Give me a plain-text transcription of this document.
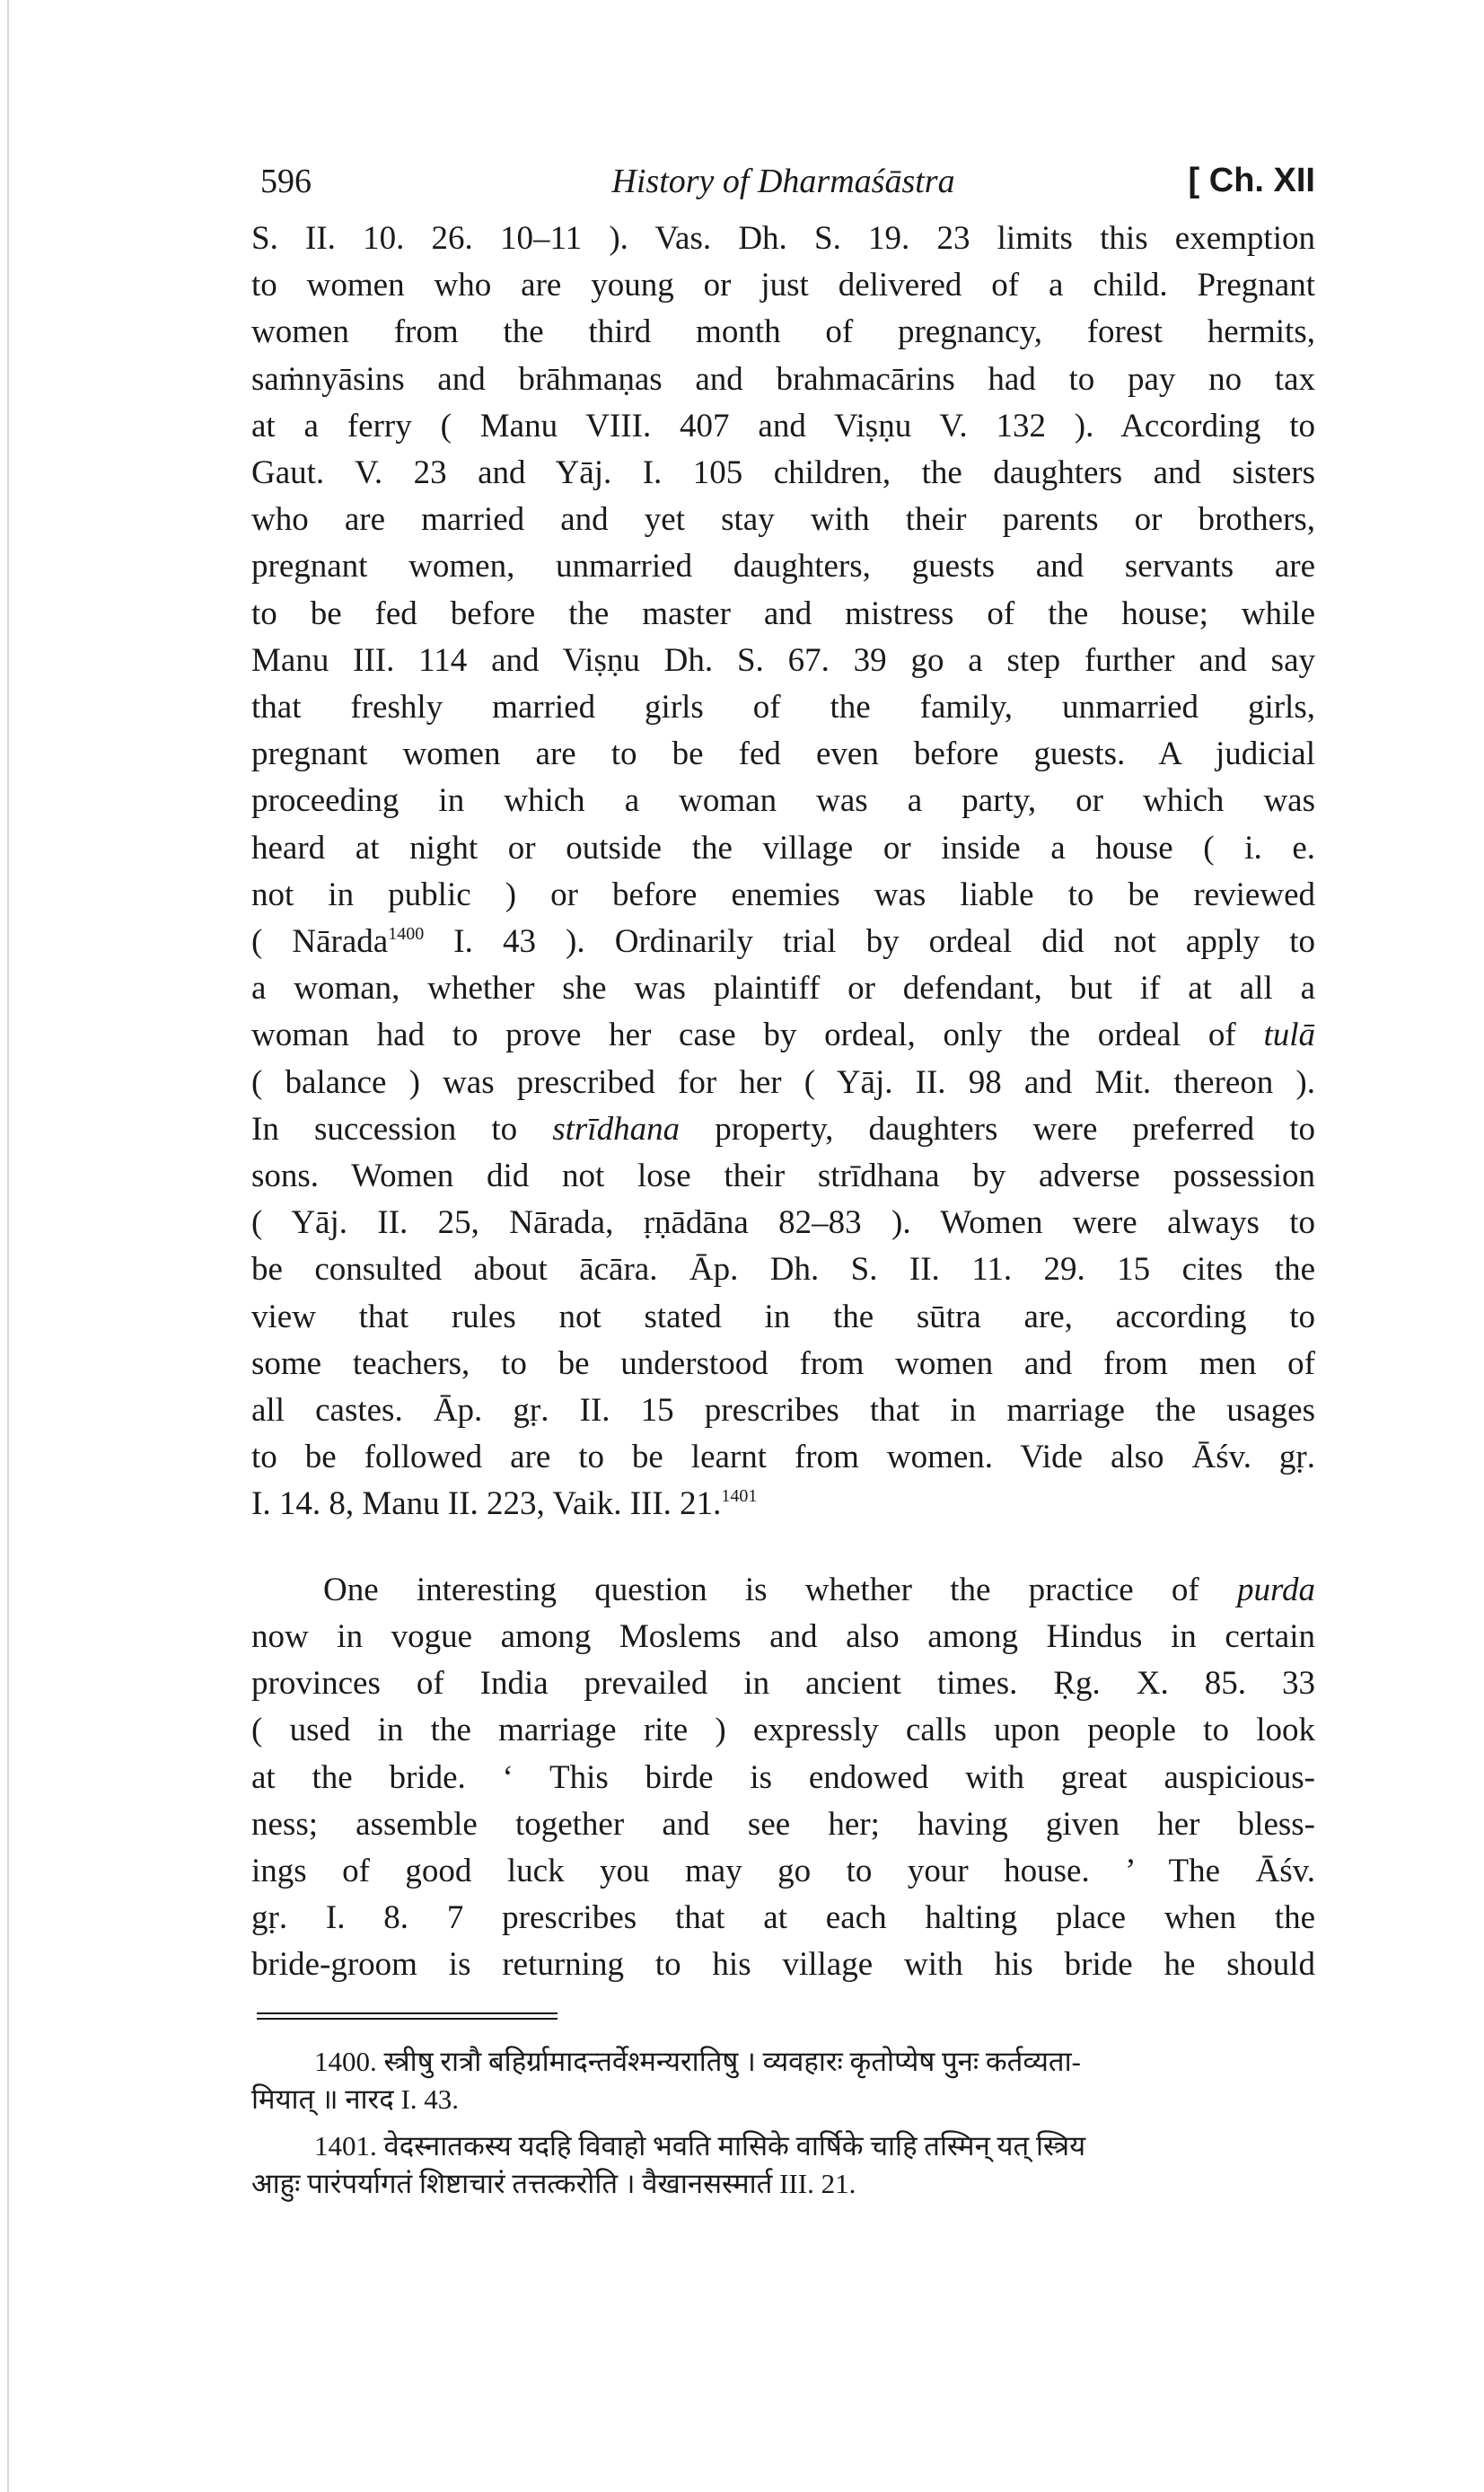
596	History of Dharmaśāstra	[ Ch. XII
S. II. 10. 26. 10–11 ). Vas. Dh. S. 19. 23 limits this exemption
to women who are young or just delivered of a child. Pregnant
women from the third month of pregnancy, forest hermits,
saṁnyāsins and brāhmaṇas and brahmacārins had to pay no tax
at a ferry ( Manu VIII. 407 and Viṣṇu V. 132 ). According to
Gaut. V. 23 and Yāj. I. 105 children, the daughters and sisters
who are married and yet stay with their parents or brothers,
pregnant women, unmarried daughters, guests and servants are
to be fed before the master and mistress of the house; while
Manu III. 114 and Viṣṇu Dh. S. 67. 39 go a step further and say
that freshly married girls of the family, unmarried girls,
pregnant women are to be fed even before guests. A judicial
proceeding in which a woman was a party, or which was
heard at night or outside the village or inside a house ( i. e.
not in public ) or before enemies was liable to be reviewed
( Nārada$^{1400}$ I. 43 ). Ordinarily trial by ordeal did not apply to
a woman, whether she was plaintiff or defendant, but if at all a
woman had to prove her case by ordeal, only the ordeal of tulā
( balance ) was prescribed for her ( Yāj. II. 98 and Mit. thereon ).
In succession to strīdhana property, daughters were preferred to
sons. Women did not lose their strīdhana by adverse possession
( Yāj. II. 25, Nārada, ṛṇādāna 82–83 ). Women were always to
be consulted about ācāra. Āp. Dh. S. II. 11. 29. 15 cites the
view that rules not stated in the sūtra are, according to
some teachers, to be understood from women and from men of
all castes. Āp. gṛ. II. 15 prescribes that in marriage the usages
to be followed are to be learnt from women. Vide also Āśv. gṛ.
I. 14. 8, Manu II. 223, Vaik. III. 21.$^{1401}$
One interesting question is whether the practice of purda
now in vogue among Moslems and also among Hindus in certain
provinces of India prevailed in ancient times. Ṛg. X. 85. 33
( used in the marriage rite ) expressly calls upon people to look
at the bride. ‘ This birde is endowed with great auspicious-
ness; assemble together and see her; having given her bless-
ings of good luck you may go to your house. ’ The Āśv.
gṛ. I. 8. 7 prescribes that at each halting place when the
bride-groom is returning to his village with his bride he should
1400. स्त्रीषु रात्रौ बहिर्ग्रामादन्तर्वेश्मन्यरातिषु । व्यवहारः कृतोप्येष पुनः कर्तव्यता-
मियात् ॥ नारद I. 43.
1401. वेदस्नातकस्य यदहि विवाहो भवति मासिके वार्षिके चाहि तस्मिन् यत् स्त्रिय
आहुः पारंपर्यागतं शिष्टाचारं तत्तत्करोति । वैखानसस्मार्त III. 21.
